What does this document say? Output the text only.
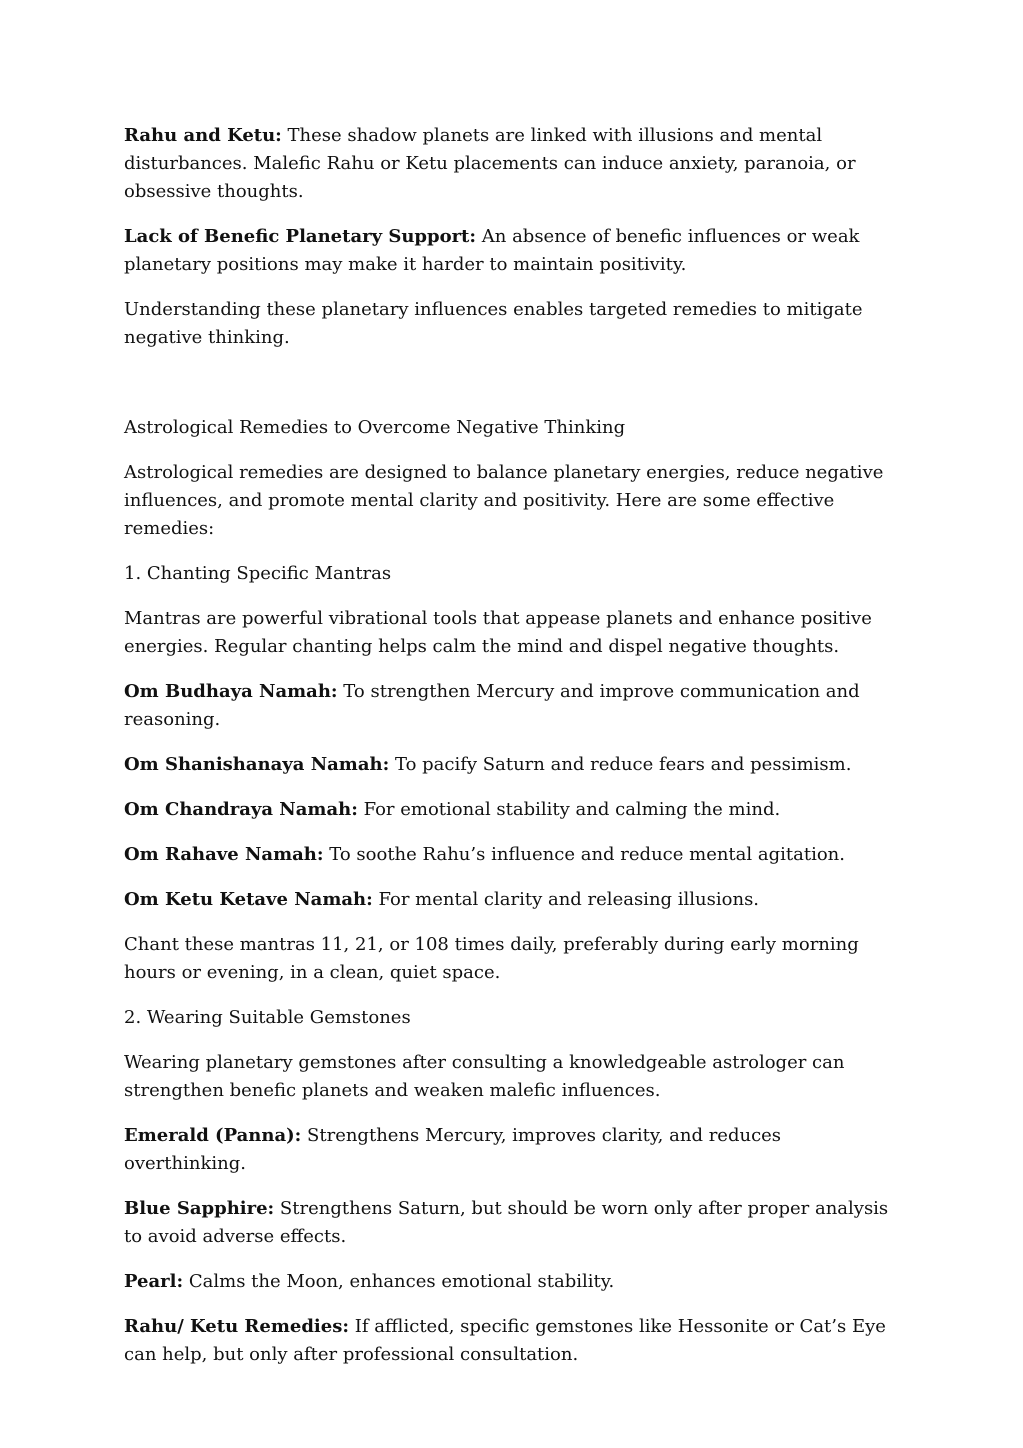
Rahu and Ketu: These shadow planets are linked with illusions and mental disturbances. Malefic Rahu or Ketu placements can induce anxiety, paranoia, or obsessive thoughts.

Lack of Benefic Planetary Support: An absence of benefic influences or weak planetary positions may make it harder to maintain positivity.

Understanding these planetary influences enables targeted remedies to mitigate negative thinking.

Astrological Remedies to Overcome Negative Thinking

Astrological remedies are designed to balance planetary energies, reduce negative influences, and promote mental clarity and positivity. Here are some effective remedies:

1. Chanting Specific Mantras

Mantras are powerful vibrational tools that appease planets and enhance positive energies. Regular chanting helps calm the mind and dispel negative thoughts.

Om Budhaya Namah: To strengthen Mercury and improve communication and reasoning.

Om Shanishanaya Namah: To pacify Saturn and reduce fears and pessimism.

Om Chandraya Namah: For emotional stability and calming the mind.

Om Rahave Namah: To soothe Rahu’s influence and reduce mental agitation.

Om Ketu Ketave Namah: For mental clarity and releasing illusions.

Chant these mantras 11, 21, or 108 times daily, preferably during early morning hours or evening, in a clean, quiet space.

2. Wearing Suitable Gemstones

Wearing planetary gemstones after consulting a knowledgeable astrologer can strengthen benefic planets and weaken malefic influences.

Emerald (Panna): Strengthens Mercury, improves clarity, and reduces overthinking.

Blue Sapphire: Strengthens Saturn, but should be worn only after proper analysis to avoid adverse effects.

Pearl: Calms the Moon, enhances emotional stability.

Rahu/ Ketu Remedies: If afflicted, specific gemstones like Hessonite or Cat’s Eye can help, but only after professional consultation.
